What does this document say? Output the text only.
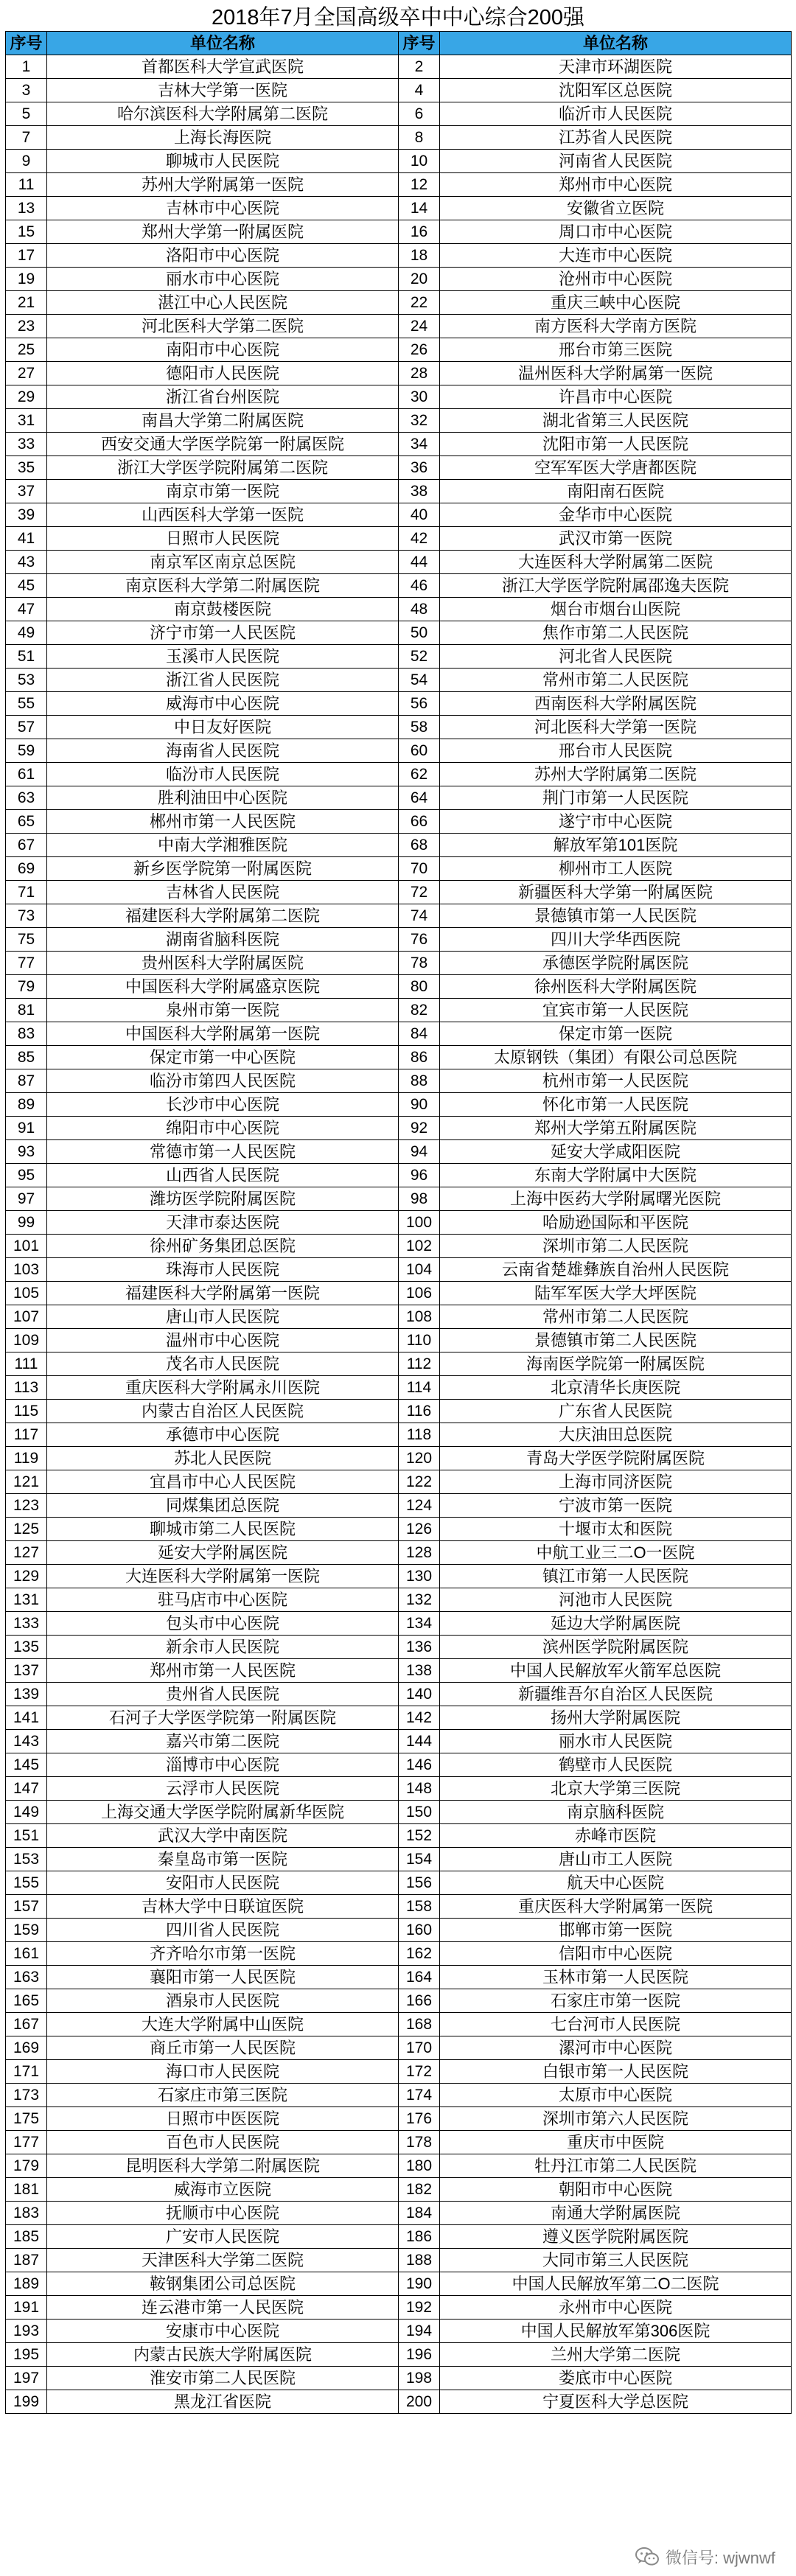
2018年7月全国高级卒中中心综合200强
序号	单位名称	序号	单位名称
1	首都医科大学宣武医院	2	天津市环湖医院
3	吉林大学第一医院	4	沈阳军区总医院
5	哈尔滨医科大学附属第二医院	6	临沂市人民医院
7	上海长海医院	8	江苏省人民医院
9	聊城市人民医院	10	河南省人民医院
11	苏州大学附属第一医院	12	郑州市中心医院
13	吉林市中心医院	14	安徽省立医院
15	郑州大学第一附属医院	16	周口市中心医院
17	洛阳市中心医院	18	大连市中心医院
19	丽水市中心医院	20	沧州市中心医院
21	湛江中心人民医院	22	重庆三峡中心医院
23	河北医科大学第二医院	24	南方医科大学南方医院
25	南阳市中心医院	26	邢台市第三医院
27	德阳市人民医院	28	温州医科大学附属第一医院
29	浙江省台州医院	30	许昌市中心医院
31	南昌大学第二附属医院	32	湖北省第三人民医院
33	西安交通大学医学院第一附属医院	34	沈阳市第一人民医院
35	浙江大学医学院附属第二医院	36	空军军医大学唐都医院
37	南京市第一医院	38	南阳南石医院
39	山西医科大学第一医院	40	金华市中心医院
41	日照市人民医院	42	武汉市第一医院
43	南京军区南京总医院	44	大连医科大学附属第二医院
45	南京医科大学第二附属医院	46	浙江大学医学院附属邵逸夫医院
47	南京鼓楼医院	48	烟台市烟台山医院
49	济宁市第一人民医院	50	焦作市第二人民医院
51	玉溪市人民医院	52	河北省人民医院
53	浙江省人民医院	54	常州市第二人民医院
55	威海市中心医院	56	西南医科大学附属医院
57	中日友好医院	58	河北医科大学第一医院
59	海南省人民医院	60	邢台市人民医院
61	临汾市人民医院	62	苏州大学附属第二医院
63	胜利油田中心医院	64	荆门市第一人民医院
65	郴州市第一人民医院	66	遂宁市中心医院
67	中南大学湘雅医院	68	解放军第101医院
69	新乡医学院第一附属医院	70	柳州市工人医院
71	吉林省人民医院	72	新疆医科大学第一附属医院
73	福建医科大学附属第二医院	74	景德镇市第一人民医院
75	湖南省脑科医院	76	四川大学华西医院
77	贵州医科大学附属医院	78	承德医学院附属医院
79	中国医科大学附属盛京医院	80	徐州医科大学附属医院
81	泉州市第一医院	82	宜宾市第一人民医院
83	中国医科大学附属第一医院	84	保定市第一医院
85	保定市第一中心医院	86	太原钢铁（集团）有限公司总医院
87	临汾市第四人民医院	88	杭州市第一人民医院
89	长沙市中心医院	90	怀化市第一人民医院
91	绵阳市中心医院	92	郑州大学第五附属医院
93	常德市第一人民医院	94	延安大学咸阳医院
95	山西省人民医院	96	东南大学附属中大医院
97	潍坊医学院附属医院	98	上海中医药大学附属曙光医院
99	天津市泰达医院	100	哈励逊国际和平医院
101	徐州矿务集团总医院	102	深圳市第二人民医院
103	珠海市人民医院	104	云南省楚雄彝族自治州人民医院
105	福建医科大学附属第一医院	106	陆军军医大学大坪医院
107	唐山市人民医院	108	常州市第二人民医院
109	温州市中心医院	110	景德镇市第二人民医院
111	茂名市人民医院	112	海南医学院第一附属医院
113	重庆医科大学附属永川医院	114	北京清华长庚医院
115	内蒙古自治区人民医院	116	广东省人民医院
117	承德市中心医院	118	大庆油田总医院
119	苏北人民医院	120	青岛大学医学院附属医院
121	宜昌市中心人民医院	122	上海市同济医院
123	同煤集团总医院	124	宁波市第一医院
125	聊城市第二人民医院	126	十堰市太和医院
127	延安大学附属医院	128	中航工业三二O一医院
129	大连医科大学附属第一医院	130	镇江市第一人民医院
131	驻马店市中心医院	132	河池市人民医院
133	包头市中心医院	134	延边大学附属医院
135	新余市人民医院	136	滨州医学院附属医院
137	郑州市第一人民医院	138	中国人民解放军火箭军总医院
139	贵州省人民医院	140	新疆维吾尔自治区人民医院
141	石河子大学医学院第一附属医院	142	扬州大学附属医院
143	嘉兴市第二医院	144	丽水市人民医院
145	淄博市中心医院	146	鹤壁市人民医院
147	云浮市人民医院	148	北京大学第三医院
149	上海交通大学医学院附属新华医院	150	南京脑科医院
151	武汉大学中南医院	152	赤峰市医院
153	秦皇岛市第一医院	154	唐山市工人医院
155	安阳市人民医院	156	航天中心医院
157	吉林大学中日联谊医院	158	重庆医科大学附属第一医院
159	四川省人民医院	160	邯郸市第一医院
161	齐齐哈尔市第一医院	162	信阳市中心医院
163	襄阳市第一人民医院	164	玉林市第一人民医院
165	酒泉市人民医院	166	石家庄市第一医院
167	大连大学附属中山医院	168	七台河市人民医院
169	商丘市第一人民医院	170	漯河市中心医院
171	海口市人民医院	172	白银市第一人民医院
173	石家庄市第三医院	174	太原市中心医院
175	日照市中医医院	176	深圳市第六人民医院
177	百色市人民医院	178	重庆市中医院
179	昆明医科大学第二附属医院	180	牡丹江市第二人民医院
181	威海市立医院	182	朝阳市中心医院
183	抚顺市中心医院	184	南通大学附属医院
185	广安市人民医院	186	遵义医学院附属医院
187	天津医科大学第二医院	188	大同市第三人民医院
189	鞍钢集团公司总医院	190	中国人民解放军第二O二医院
191	连云港市第一人民医院	192	永州市中心医院
193	安康市中心医院	194	中国人民解放军第306医院
195	内蒙古民族大学附属医院	196	兰州大学第二医院
197	淮安市第二人民医院	198	娄底市中心医院
199	黑龙江省医院	200	宁夏医科大学总医院
微信号: wjwnwf
